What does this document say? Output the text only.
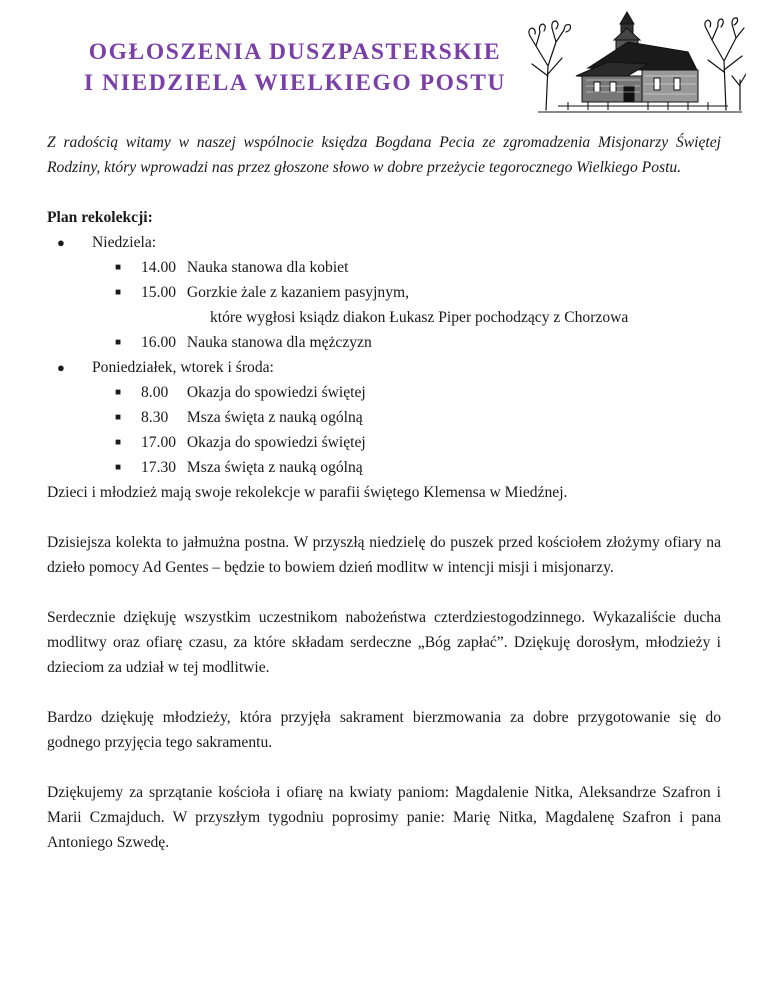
OGŁOSZENIA DUSZPASTERSKIE
I NIEDZIELA WIELKIEGO POSTU

Z radością witamy w naszej wspólnocie księdza Bogdana Pecia ze zgromadzenia Misjonarzy Świętej Rodziny, który wprowadzi nas przez głoszone słowo w dobre przeżycie tegorocznego Wielkiego Postu.

Plan rekolekcji:
● Niedziela:
■ 14.00 Nauka stanowa dla kobiet
■ 15.00 Gorzkie żale z kazaniem pasyjnym,
które wygłosi ksiądz diakon Łukasz Piper pochodzący z Chorzowa
■ 16.00 Nauka stanowa dla mężczyzn
● Poniedziałek, wtorek i środa:
■ 8.00 Okazja do spowiedzi świętej
■ 8.30 Msza święta z nauką ogólną
■ 17.00 Okazja do spowiedzi świętej
■ 17.30 Msza święta z nauką ogólną
Dzieci i młodzież mają swoje rekolekcje w parafii świętego Klemensa w Miedźnej.

Dzisiejsza kolekta to jałmużna postna. W przyszłą niedzielę do puszek przed kościołem złożymy ofiary na dzieło pomocy Ad Gentes – będzie to bowiem dzień modlitw w intencji misji i misjonarzy.

Serdecznie dziękuję wszystkim uczestnikom nabożeństwa czterdziestogodzinnego. Wykazaliście ducha modlitwy oraz ofiarę czasu, za które składam serdeczne „Bóg zapłać”. Dziękuję dorosłym, młodzieży i dzieciom za udział w tej modlitwie.

Bardzo dziękuję młodzieży, która przyjęła sakrament bierzmowania za dobre przygotowanie się do godnego przyjęcia tego sakramentu.

Dziękujemy za sprzątanie kościoła i ofiarę na kwiaty paniom: Magdalenie Nitka, Aleksandrze Szafron i Marii Czmajduch. W przyszłym tygodniu poprosimy panie: Marię Nitka, Magdalenę Szafron i pana Antoniego Szwedę.
